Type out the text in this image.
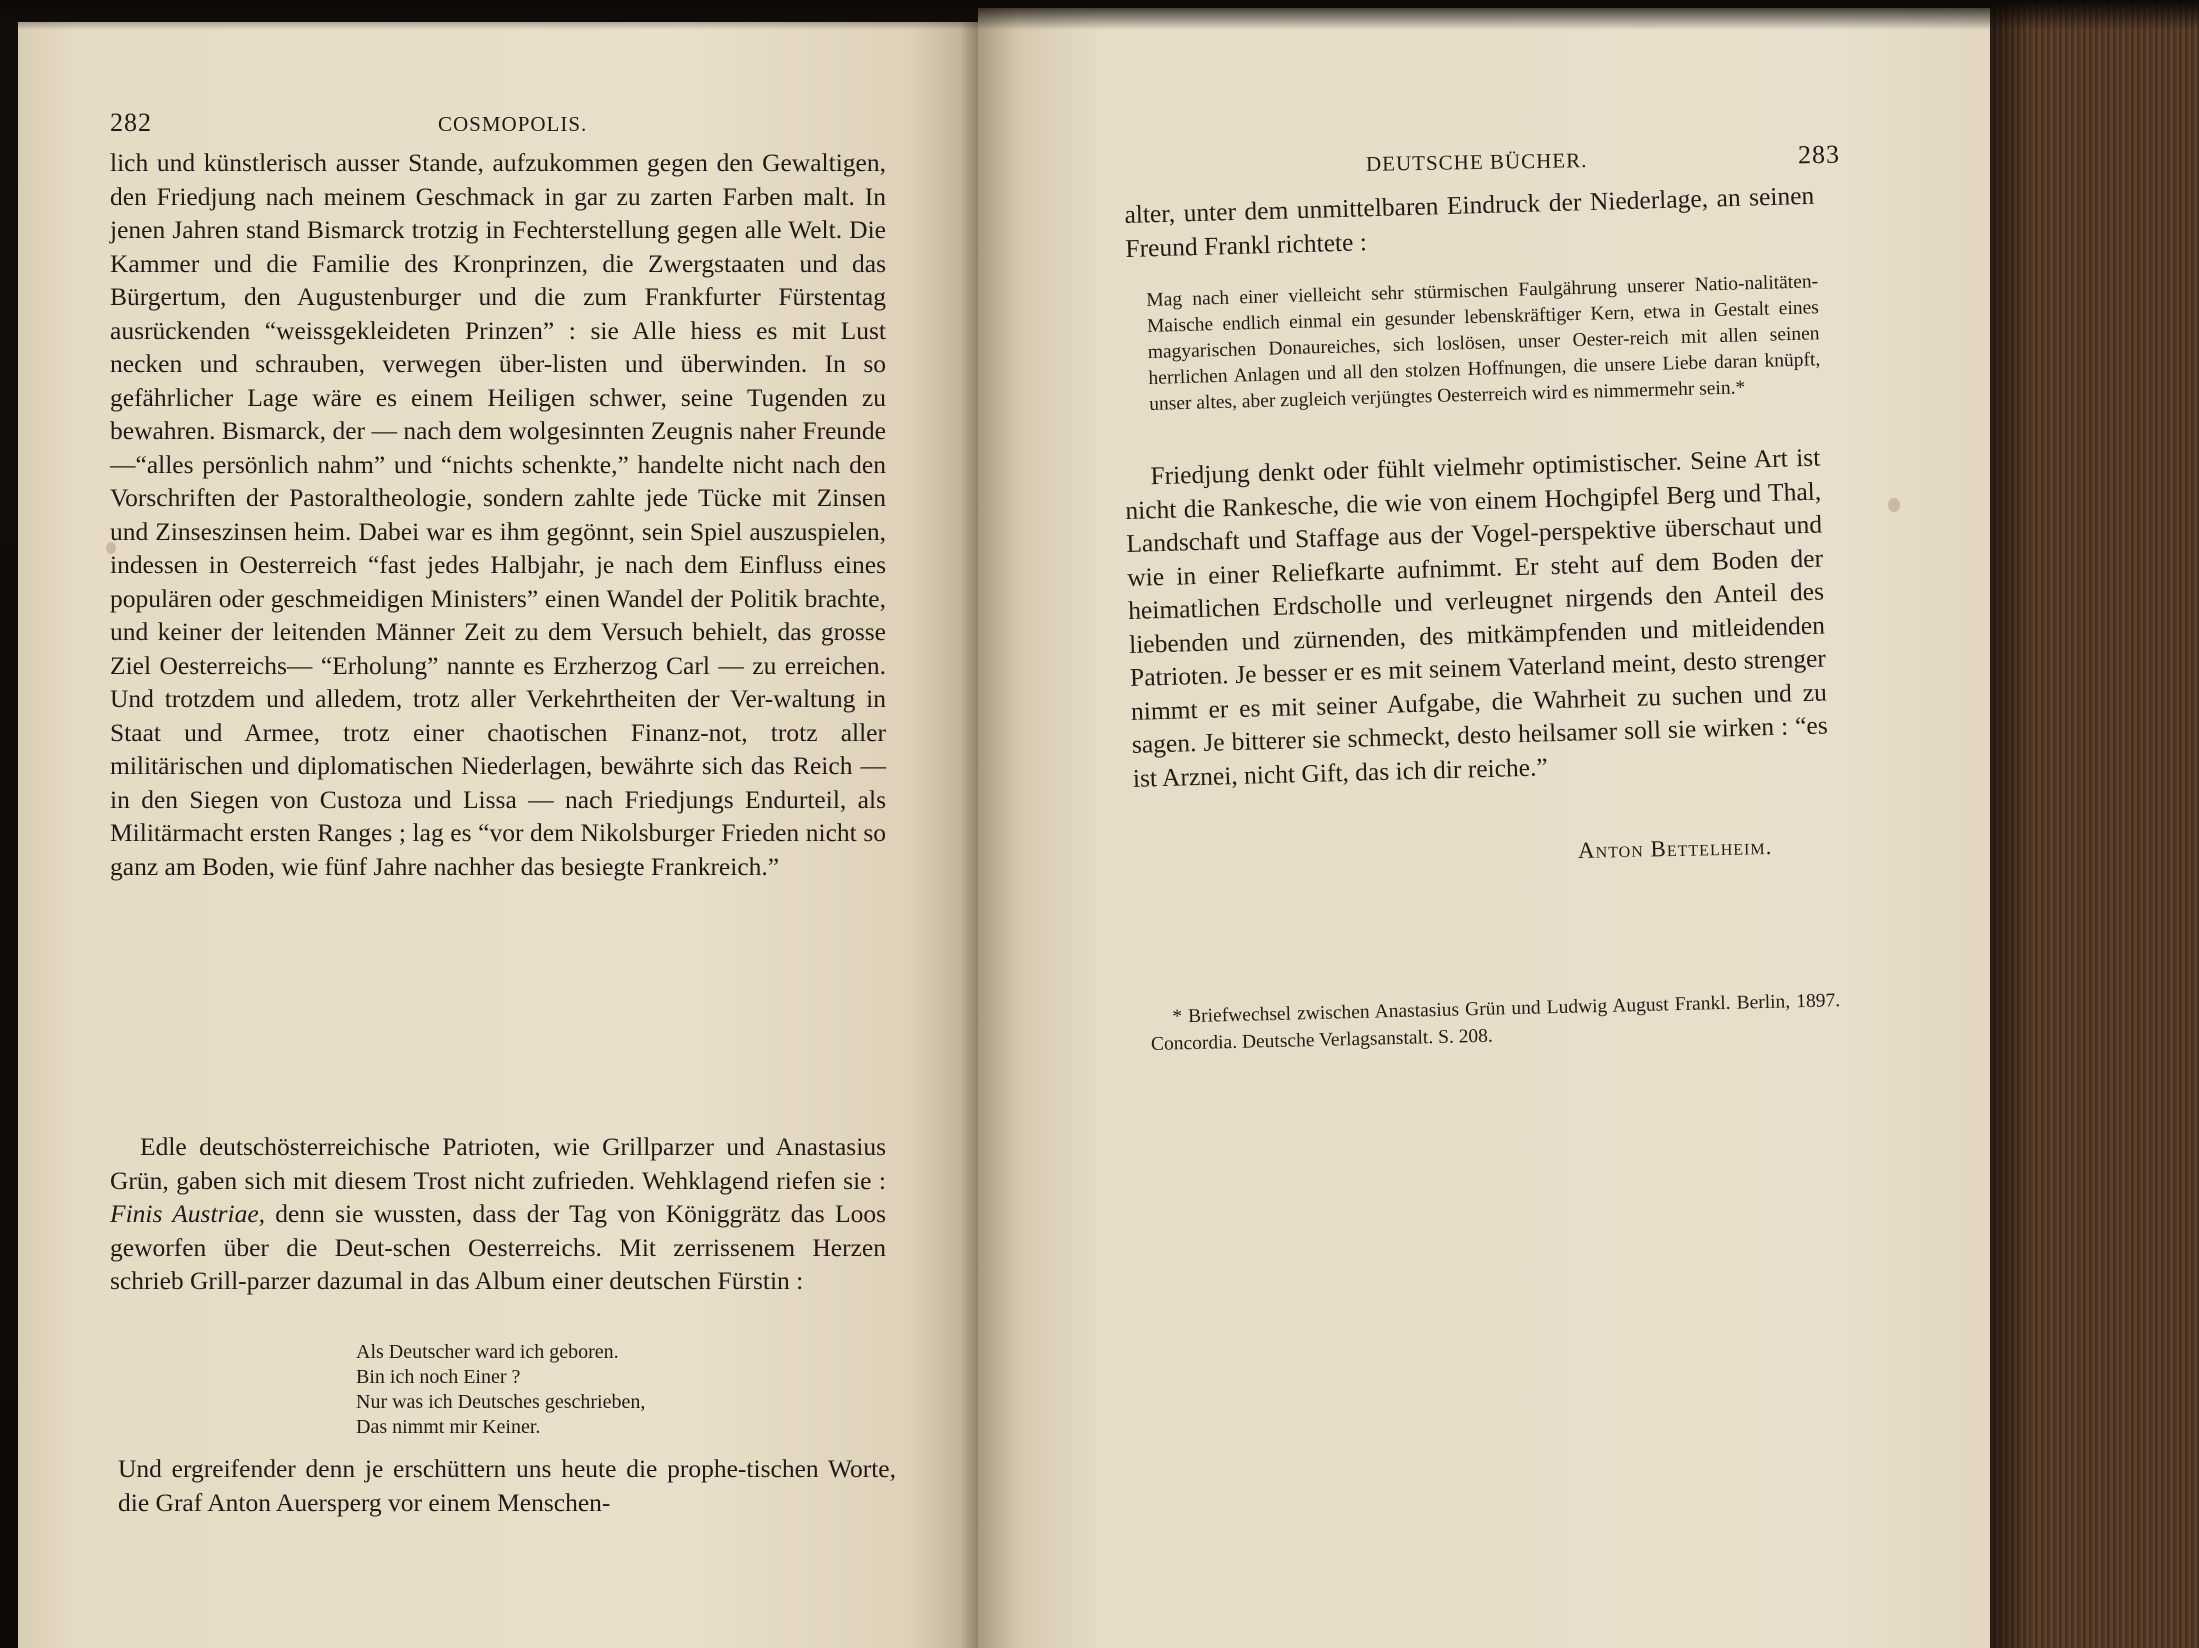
282	COSMOPOLIS.
lich und künstlerisch ausser Stande, aufzukommen gegen den Gewaltigen, den Friedjung nach meinem Geschmack in gar zu zarten Farben malt. In jenen Jahren stand Bismarck trotzig in Fechterstellung gegen alle Welt. Die Kammer und die Familie des Kronprinzen, die Zwergstaaten und das Bürgertum, den Augustenburger und die zum Frankfurter Fürstentag ausrückenden “weissgekleideten Prinzen” : sie Alle hiess es mit Lust necken und schrauben, verwegen über-listen und überwinden. In so gefährlicher Lage wäre es einem Heiligen schwer, seine Tugenden zu bewahren. Bismarck, der — nach dem wolgesinnten Zeugnis naher Freunde—“alles persönlich nahm” und “nichts schenkte,” handelte nicht nach den Vorschriften der Pastoraltheologie, sondern zahlte jede Tücke mit Zinsen und Zinseszinsen heim. Dabei war es ihm gegönnt, sein Spiel auszuspielen, indessen in Oesterreich “fast jedes Halbjahr, je nach dem Einfluss eines populären oder geschmeidigen Ministers” einen Wandel der Politik brachte, und keiner der leitenden Männer Zeit zu dem Versuch behielt, das grosse Ziel Oesterreichs— “Erholung” nannte es Erzherzog Carl — zu erreichen. Und trotzdem und alledem, trotz aller Verkehrtheiten der Ver-waltung in Staat und Armee, trotz einer chaotischen Finanz-not, trotz aller militärischen und diplomatischen Niederlagen, bewährte sich das Reich — in den Siegen von Custoza und Lissa — nach Friedjungs Endurteil, als Militärmacht ersten Ranges ; lag es “vor dem Nikolsburger Frieden nicht so ganz am Boden, wie fünf Jahre nachher das besiegte Frankreich.”
Edle deutschösterreichische Patrioten, wie Grillparzer und Anastasius Grün, gaben sich mit diesem Trost nicht zufrieden. Wehklagend riefen sie : Finis Austriae, denn sie wussten, dass der Tag von Königgrätz das Loos geworfen über die Deut-schen Oesterreichs. Mit zerrissenem Herzen schrieb Grill-parzer dazumal in das Album einer deutschen Fürstin :
Als Deutscher ward ich geboren.
Bin ich noch Einer ?
Nur was ich Deutsches geschrieben,
Das nimmt mir Keiner.
Und ergreifender denn je erschüttern uns heute die prophe-tischen Worte, die Graf Anton Auersperg vor einem Menschen-
DEUTSCHE BÜCHER.	283
alter, unter dem unmittelbaren Eindruck der Niederlage, an seinen Freund Frankl richtete :
Mag nach einer vielleicht sehr stürmischen Faulgährung unserer Natio-nalitäten-Maische endlich einmal ein gesunder lebenskräftiger Kern, etwa in Gestalt eines magyarischen Donaureiches, sich loslösen, unser Oester-reich mit allen seinen herrlichen Anlagen und all den stolzen Hoffnungen, die unsere Liebe daran knüpft, unser altes, aber zugleich verjüngtes Oesterreich wird es nimmermehr sein.*
Friedjung denkt oder fühlt vielmehr optimistischer. Seine Art ist nicht die Rankesche, die wie von einem Hochgipfel Berg und Thal, Landschaft und Staffage aus der Vogel-perspektive überschaut und wie in einer Reliefkarte aufnimmt. Er steht auf dem Boden der heimatlichen Erdscholle und verleugnet nirgends den Anteil des liebenden und zürnenden, des mitkämpfenden und mitleidenden Patrioten. Je besser er es mit seinem Vaterland meint, desto strenger nimmt er es mit seiner Aufgabe, die Wahrheit zu suchen und zu sagen. Je bitterer sie schmeckt, desto heilsamer soll sie wirken : “es ist Arznei, nicht Gift, das ich dir reiche.”
Anton Bettelheim.
* Briefwechsel zwischen Anastasius Grün und Ludwig August Frankl. Berlin, 1897. Concordia. Deutsche Verlagsanstalt. S. 208.
